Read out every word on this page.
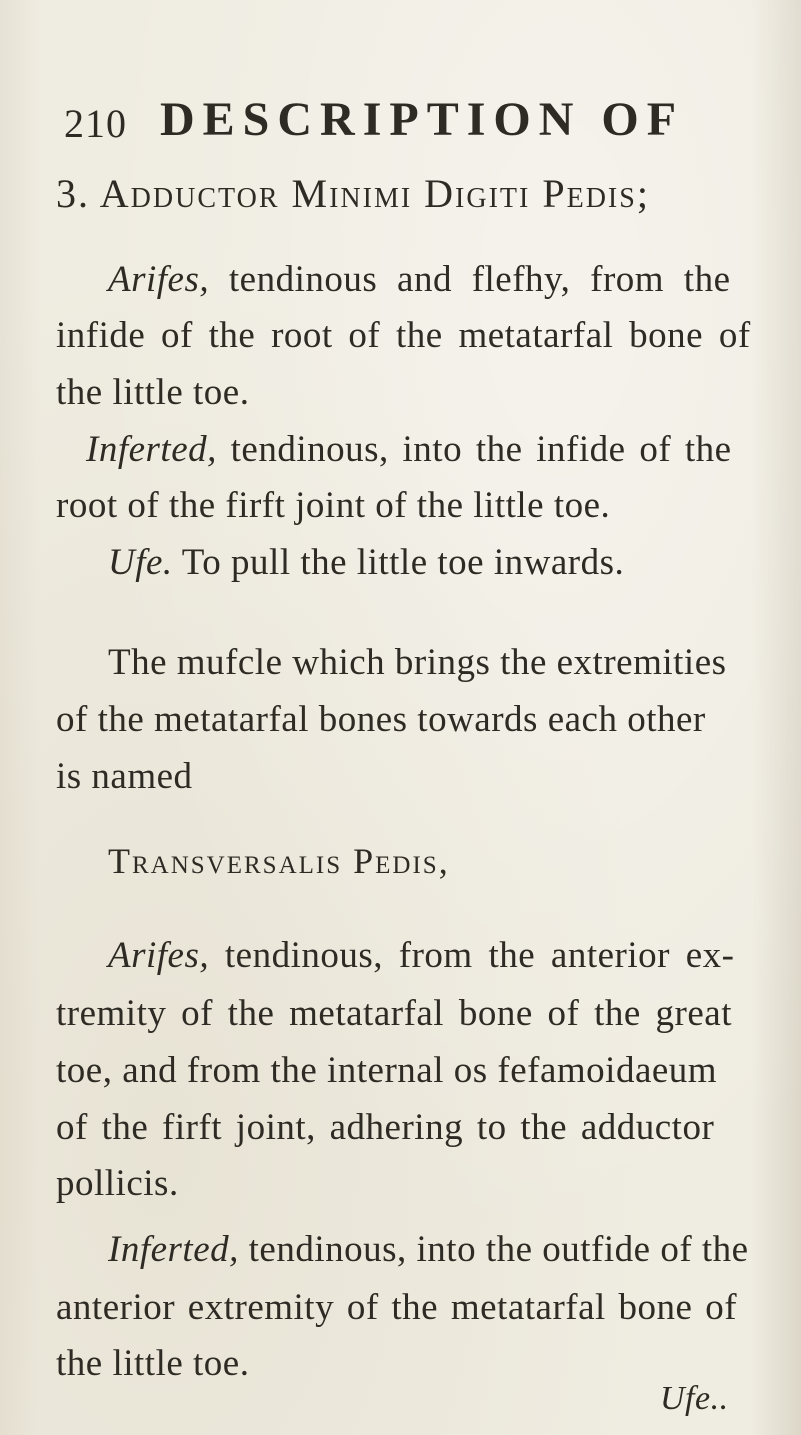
210 DESCRIPTION OF
3. Adductor Minimi Digiti Pedis;
Arifes, tendinous and flefhy, from the
infide of the root of the metatarfal bone of
the little toe.
Inferted, tendinous, into the infide of the
root of the firft joint of the little toe.
Ufe. To pull the little toe inwards.
The mufcle which brings the extremities
of the metatarfal bones towards each other
is named
Transversalis Pedis,
Arifes, tendinous, from the anterior ex-
tremity of the metatarfal bone of the great
toe, and from the internal os fefamoidaeum
of the firft joint, adhering to the adductor
pollicis.
Inferted, tendinous, into the outfide of the
anterior extremity of the metatarfal bone of
the little toe.
Ufe..
